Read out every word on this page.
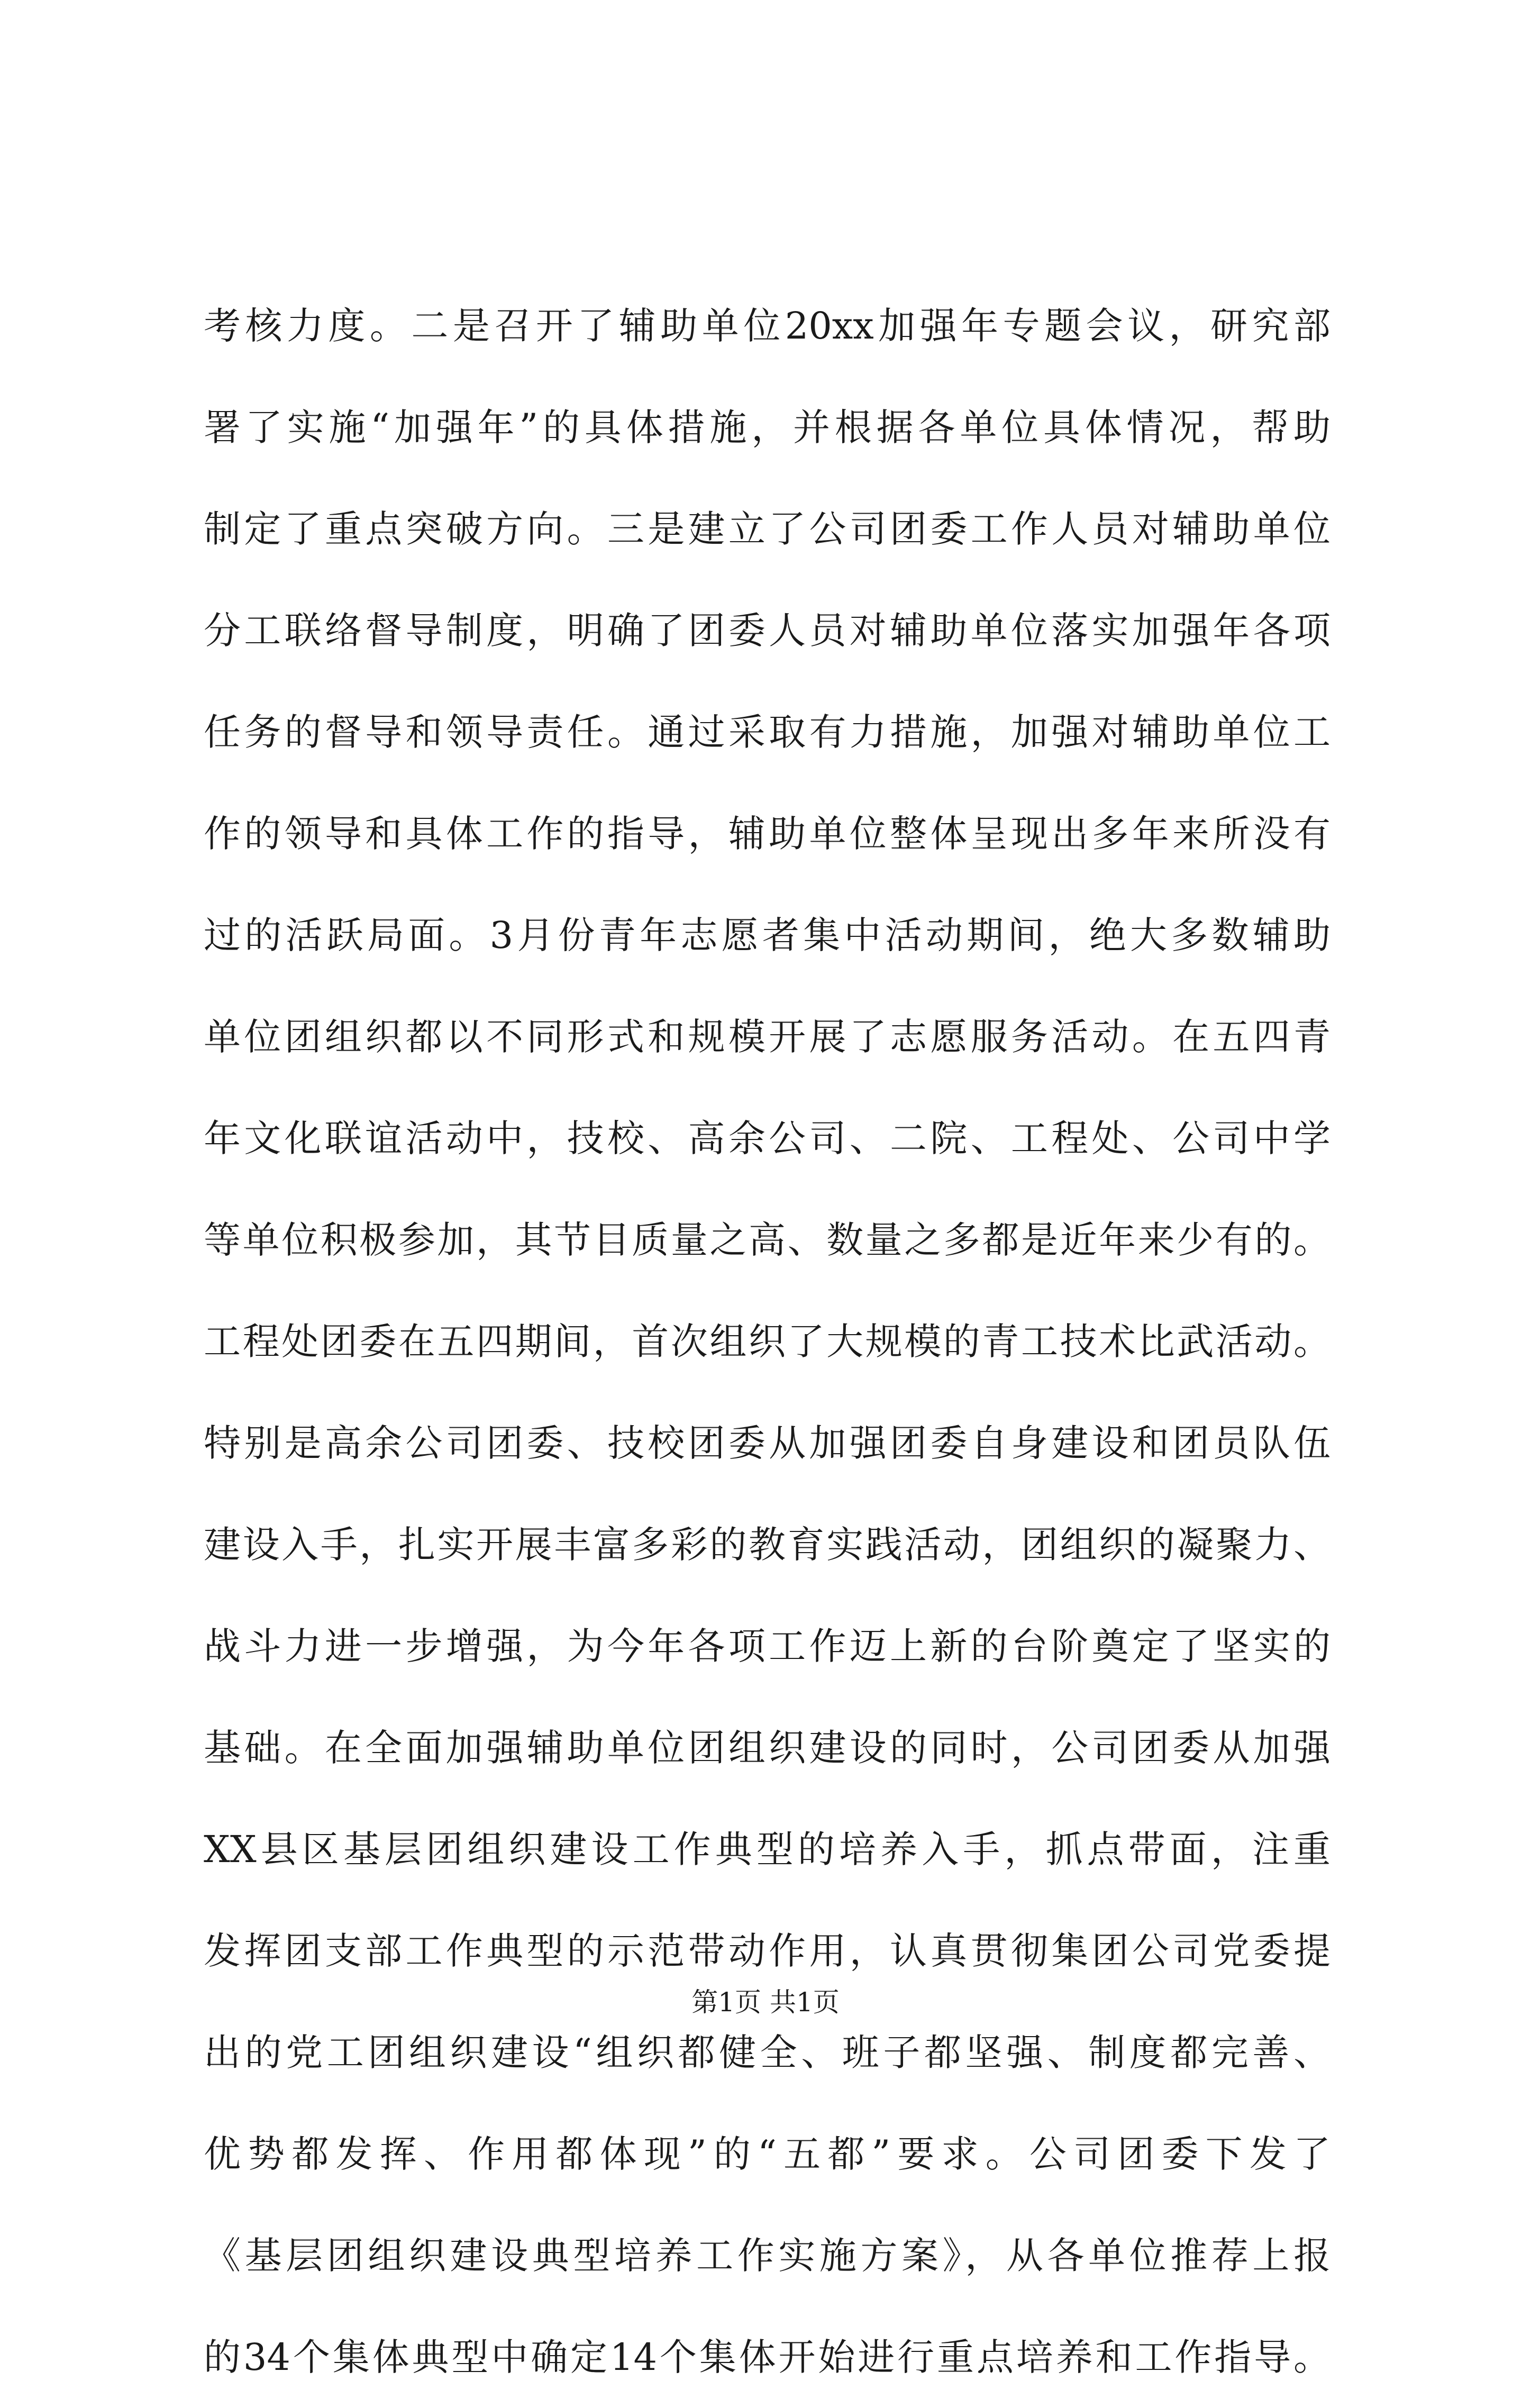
考核力度。二是召开了辅助单位20xx加强年专题会议，研究部
署了实施“加强年”的具体措施，并根据各单位具体情况，帮助
制定了重点突破方向。三是建立了公司团委工作人员对辅助单位
分工联络督导制度，明确了团委人员对辅助单位落实加强年各项
任务的督导和领导责任。通过采取有力措施，加强对辅助单位工
作的领导和具体工作的指导，辅助单位整体呈现出多年来所没有
过的活跃局面。3月份青年志愿者集中活动期间，绝大多数辅助
单位团组织都以不同形式和规模开展了志愿服务活动。在五四青
年文化联谊活动中，技校、高余公司、二院、工程处、公司中学
等单位积极参加，其节目质量之高、数量之多都是近年来少有的。
工程处团委在五四期间，首次组织了大规模的青工技术比武活动。
特别是高余公司团委、技校团委从加强团委自身建设和团员队伍
建设入手，扎实开展丰富多彩的教育实践活动，团组织的凝聚力、
战斗力进一步增强，为今年各项工作迈上新的台阶奠定了坚实的
基础。在全面加强辅助单位团组织建设的同时，公司团委从加强
XX县区基层团组织建设工作典型的培养入手，抓点带面，注重
发挥团支部工作典型的示范带动作用，认真贯彻集团公司党委提
出的党工团组织建设“组织都健全、班子都坚强、制度都完善、
优势都发挥、作用都体现”的“五都”要求。公司团委下发了
《基层团组织建设典型培养工作实施方案》，从各单位推荐上报
的34个集体典型中确定14个集体开始进行重点培养和工作指导。
第1页 共1页
